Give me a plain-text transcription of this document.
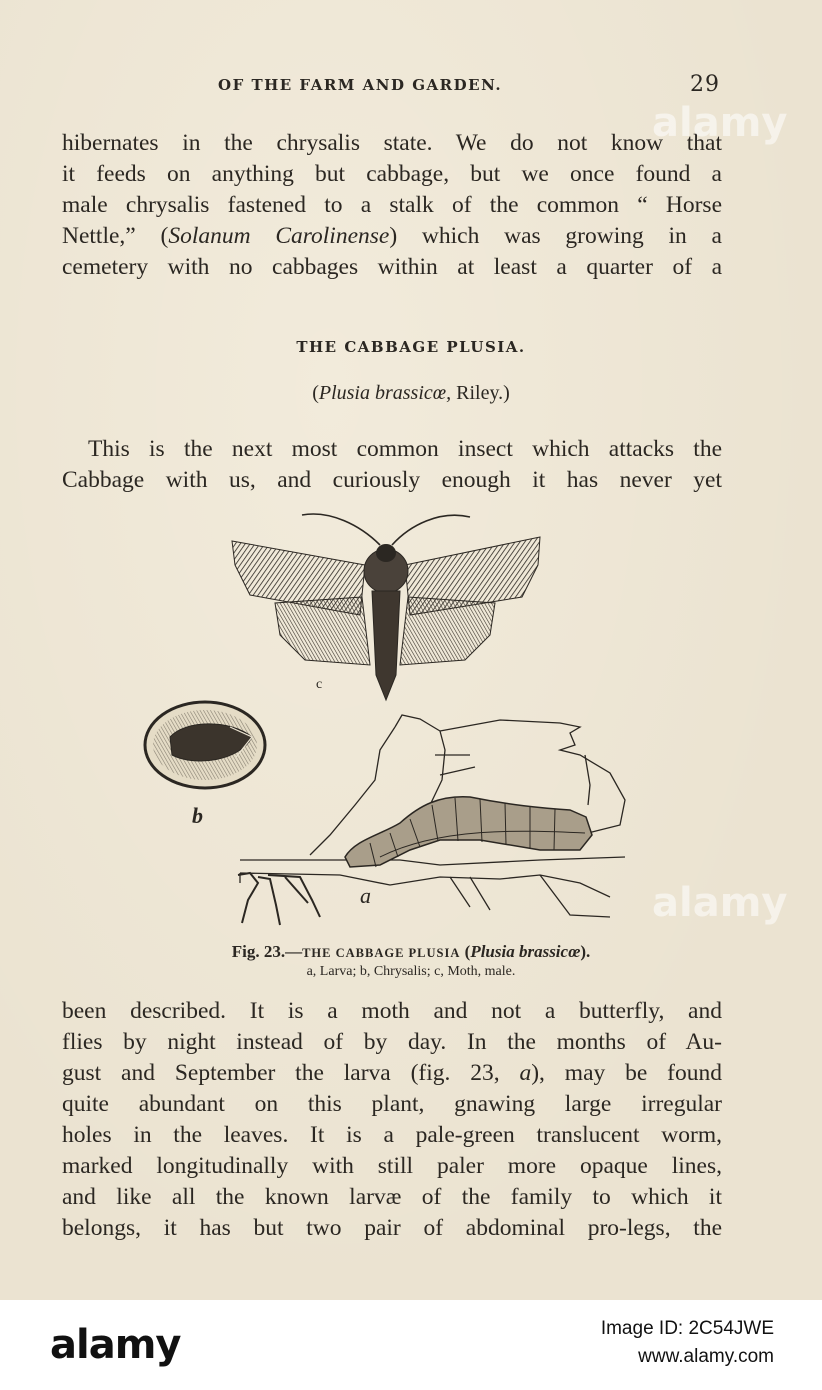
OF THE FARM AND GARDEN.	29

hibernates in the chrysalis state. We do not know that
it feeds on anything but cabbage, but we once found a
male chrysalis fastened to a stalk of the common “ Horse
Nettle,” (Solanum Carolinense) which was growing in a
cemetery with no cabbages within at least a quarter of a

THE CABBAGE PLUSIA.
(Plusia brassicœ, Riley.)

This is the next most common insect which attacks the
Cabbage with us, and curiously enough it has never yet

c
b
a
Fig. 23.—THE CABBAGE PLUSIA (Plusia brassicœ).
a, Larva; b, Chrysalis; c, Moth, male.

been described. It is a moth and not a butterfly, and
flies by night instead of by day. In the months of Au-
gust and September the larva (fig. 23, a), may be found
quite abundant on this plant, gnawing large irregular
holes in the leaves. It is a pale-green translucent worm,
marked longitudinally with still paler more opaque lines,
and like all the known larvæ of the family to which it
belongs, it has but two pair of abdominal pro-legs, the

alamy
alamy
alamy	Image ID: 2C54JWE
www.alamy.com
